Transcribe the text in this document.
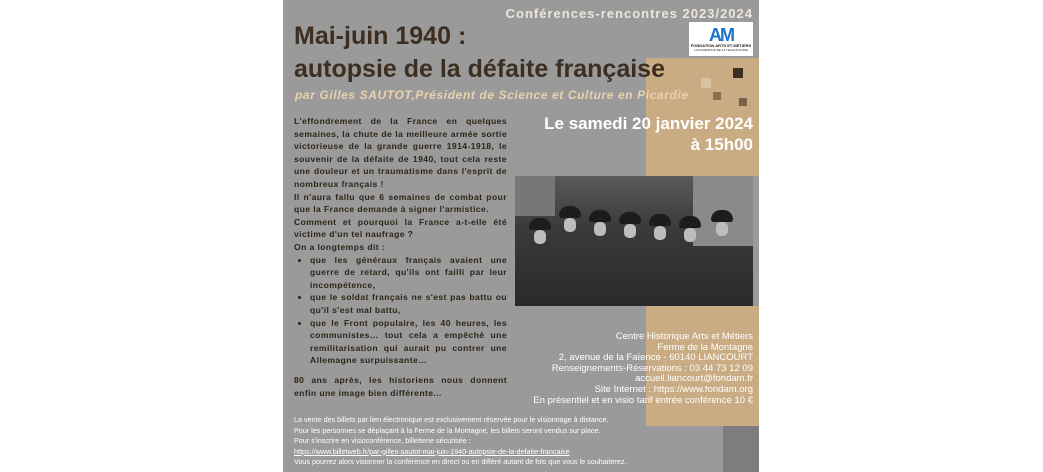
Conférences-rencontres 2023/2024
AM
FONDATION ARTS ET MÉTIERS
LA FONDATION DE LA TECHNOLOGIE
Mai-juin 1940 :
autopsie de la défaite française
par Gilles SAUTOT,Président de Science et Culture en Picardie
Le samedi 20 janvier 2024
à 15h00

L'effondrement de la France en quelques semaines, la chute de la meilleure armée sortie victorieuse de la grande guerre 1914-1918, le souvenir de la défaite de 1940, tout cela reste une douleur et un traumatisme dans l'esprit de nombreux français !

Il n'aura fallu que 6 semaines de combat pour que la France demande à signer l'armistice.

Comment et pourquoi la France a-t-elle été victime d'un tel naufrage ?

On a longtemps dit :

• que les généraux français avaient une guerre de retard, qu'ils ont failli par leur incompétence,
• que le soldat français ne s'est pas battu ou qu'il s'est mal battu,
• que le Front populaire, les 40 heures, les communistes… tout cela a empêché une remilitarisation qui aurait pu contrer une Allemagne surpuissante…
80 ans après, les historiens nous donnent enfin une image bien différente...
Centre Historique Arts et Métiers
Ferme de la Montagne
2, avenue de la Faïence - 60140 LIANCOURT
Renseignements-Réservations : 03 44 73 12 09
accueil.liancourt@fondam.fr
Site Internet : https://www.fondam.org
En présentiel et en visio tarif entrée conférence 10 €
La vente des billets par lien électronique est exclusivement réservée pour le visionnage à distance.
Pour les personnes se déplaçant à la Ferme de la Montagne, les billets seront vendus sur place.
Pour s'inscrire en visioconférence, billetterie sécurisée :
https://www.billetweb.fr/par-gilles-sautot-mai-juin-1940-autopsie-de-la-defaite-francaise
Vous pourrez alors visionner la conférence en direct ou en différé autant de fois que vous le souhaiterez.
